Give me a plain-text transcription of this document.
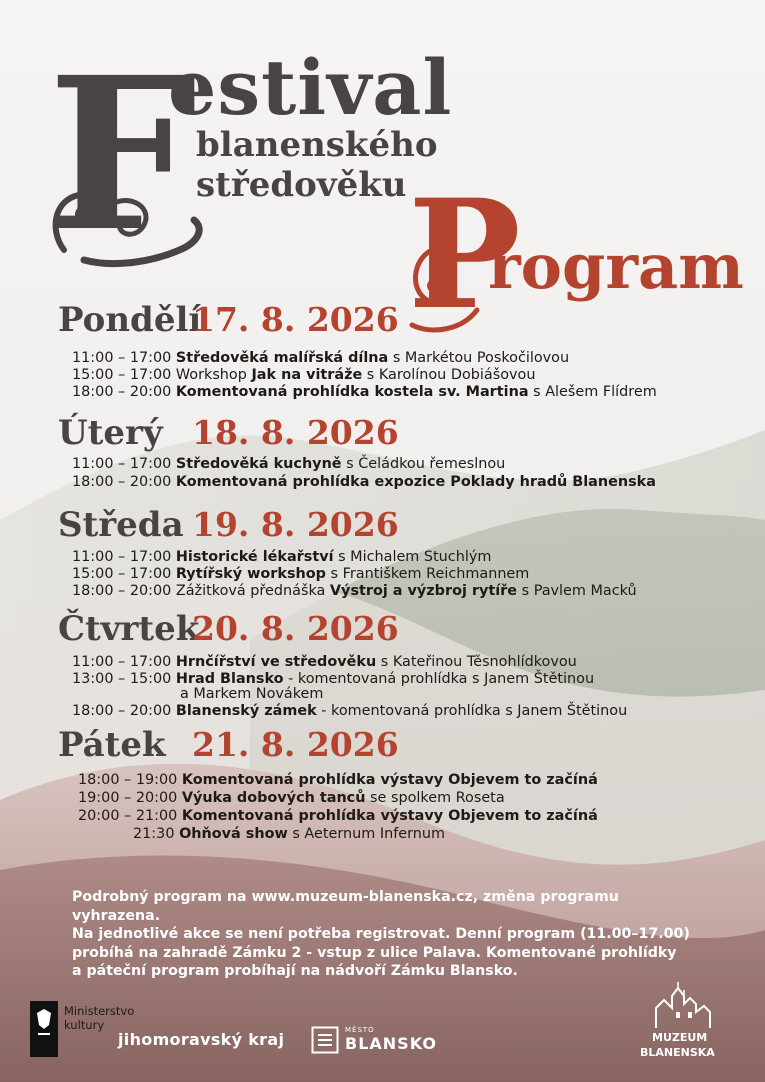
F
estival
blanenského
středověku P
rogram
Pondělí
17. 8. 2026
11:00 – 17:00 Středověká malířská dílna s Markétou Poskočilovou
15:00 – 17:00 Workshop Jak na vitráže s Karolínou Dobiášovou
18:00 – 20:00 Komentovaná prohlídka kostela sv. Martina s Alešem Flídrem
Úterý 18. 8. 2026
11:00 – 17:00 Středověká kuchyně s Čeládkou řemeslnou
18:00 – 20:00 Komentovaná prohlídka expozice Poklady hradů Blanenska
Středa 19. 8. 2026
11:00 – 17:00 Historické lékařství s Michalem Stuchlým
15:00 – 17:00 Rytířský workshop s Františkem Reichmannem
18:00 – 20:00 Zážitková přednáška Výstroj a výzbroj rytíře s Pavlem Macků
Čtvrtek
20. 8. 2026
11:00 – 17:00 Hrnčířství ve středověku s Kateřinou Těsnohlídkovou
13:00 – 15:00 Hrad Blansko - komentovaná prohlídka s Janem Štětinou
a Markem Novákem
18:00 – 20:00 Blanenský zámek - komentovaná prohlídka s Janem Štětinou
Pátek 21. 8. 2026
18:00 – 19:00 Komentovaná prohlídka výstavy Objevem to začíná
19:00 – 20:00 Výuka dobových tanců se spolkem Roseta
20:00 – 21:00 Komentovaná prohlídka výstavy Objevem to začíná
21:30 Ohňová show s Aeternum Infernum

Podrobný program na www.muzeum-blanenska.cz, změna programu vyhrazena.

Na jednotlivé akce se není potřeba registrovat. Denní program (11.00–17.00)

probíhá na zahradě Zámku 2 - vstup z ulice Palava. Komentované prohlídky

a páteční program probíhají na nádvoří Zámku Blansko.

Ministerstvo
kultury
jihomoravský kraj	MĚSTO
BLANSKO	MUZEUM
BLANENSKA
